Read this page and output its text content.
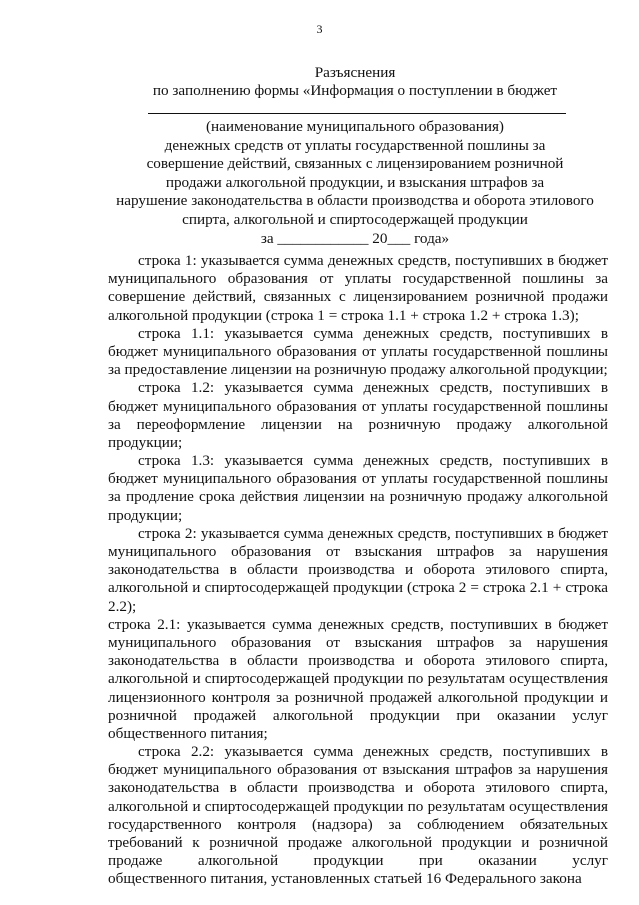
3
Разъяснения
по заполнению формы «Информация о поступлении в бюджет
(наименование муниципального образования)
денежных средств от уплаты государственной пошлины за
совершение действий, связанных с лицензированием розничной
продажи алкогольной продукции, и взыскания штрафов за
нарушение законодательства в области производства и оборота этилового
спирта, алкогольной и спиртосодержащей продукции
за ____________ 20___ года»
строка 1: указывается сумма денежных средств, поступивших в бюджет
муниципального образования от уплаты государственной пошлины за
совершение действий, связанных с лицензированием розничной продажи
алкогольной продукции (строка 1 = строка 1.1 + строка 1.2 + строка 1.3);
строка 1.1: указывается сумма денежных средств, поступивших в
бюджет муниципального образования от уплаты государственной пошлины
за предоставление лицензии на розничную продажу алкогольной продукции;
строка 1.2: указывается сумма денежных средств, поступивших в
бюджет муниципального образования от уплаты государственной пошлины
за переоформление лицензии на розничную продажу алкогольной
продукции;
строка 1.3: указывается сумма денежных средств, поступивших в
бюджет муниципального образования от уплаты государственной пошлины
за продление срока действия лицензии на розничную продажу алкогольной
продукции;
строка 2: указывается сумма денежных средств, поступивших в бюджет
муниципального образования от взыскания штрафов за нарушения
законодательства в области производства и оборота этилового спирта,
алкогольной и спиртосодержащей продукции (строка 2 = строка 2.1 + строка
2.2);
строка 2.1: указывается сумма денежных средств, поступивших в бюджет
муниципального образования от взыскания штрафов за нарушения
законодательства в области производства и оборота этилового спирта,
алкогольной и спиртосодержащей продукции по результатам осуществления
лицензионного контроля за розничной продажей алкогольной продукции и
розничной продажей алкогольной продукции при оказании услуг
общественного питания;
строка 2.2: указывается сумма денежных средств, поступивших в
бюджет муниципального образования от взыскания штрафов за нарушения
законодательства в области производства и оборота этилового спирта,
алкогольной и спиртосодержащей продукции по результатам осуществления
государственного контроля (надзора) за соблюдением обязательных
требований к розничной продаже алкогольной продукции и розничной
продаже алкогольной продукции при оказании услуг
общественного питания, установленных статьей 16 Федерального закона
